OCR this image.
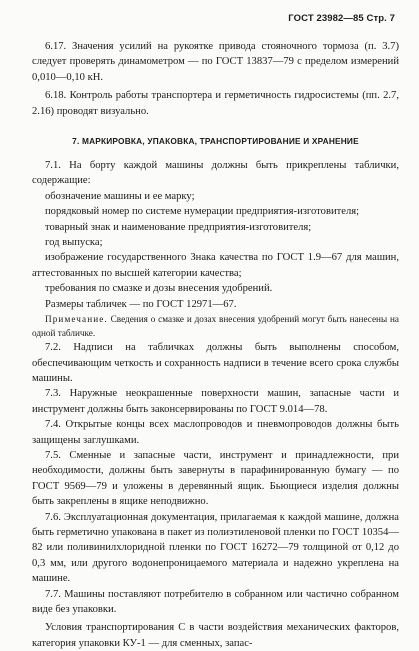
ГОСТ 23982—85 Стр. 7

6.17. Значения усилий на рукоятке привода стояночного тормоза (п. 3.7) следует проверять динамометром — по ГОСТ 13837—79 с пределом измерений 0,010—0,10 кН.

6.18. Контроль работы транспортера и герметичность гидросистемы (пп. 2.7, 2.16) проводят визуально.

7. МАРКИРОВКА, УПАКОВКА, ТРАНСПОРТИРОВАНИЕ И ХРАНЕНИЕ

7.1. На борту каждой машины должны быть прикреплены таблички, содержащие:

обозначение машины и ее марку;

порядковый номер по системе нумерации предприятия-изготовителя;

товарный знак и наименование предприятия-изготовителя;

год выпуска;

изображение государственного Знака качества по ГОСТ 1.9—67 для машин, аттестованных по высшей категории качества;

требования по смазке и дозы внесения удобрений.

Размеры табличек — по ГОСТ 12971—67.

Примечание. Сведения о смазке и дозах внесения удобрений могут быть нанесены на одной табличке.

7.2. Надписи на табличках должны быть выполнены способом, обеспечивающим четкость и сохранность надписи в течение всего срока службы машины.

7.3. Наружные неокрашенные поверхности машин, запасные части и инструмент должны быть законсервированы по ГОСТ 9.014—78.

7.4. Открытые концы всех маслопроводов и пневмопроводов должны быть защищены заглушками.

7.5. Сменные и запасные части, инструмент и принадлежности, при необходимости, должны быть завернуты в парафинированную бумагу — по ГОСТ 9569—79 и уложены в деревянный ящик. Бьющиеся изделия должны быть закреплены в ящике неподвижно.

7.6. Эксплуатационная документация, прилагаемая к каждой машине, должна быть герметично упакована в пакет из полиэтиленовой пленки по ГОСТ 10354—82 или поливинилхлоридной пленки по ГОСТ 16272—79 толщиной от 0,12 до 0,3 мм, или другого водонепроницаемого материала и надежно укреплена на машине.

7.7. Машины поставляют потребителю в собранном или частично собранном виде без упаковки.

Условия транспортирования С в части воздействия механических факторов, категория упаковки КУ-1 — для сменных, запас-
